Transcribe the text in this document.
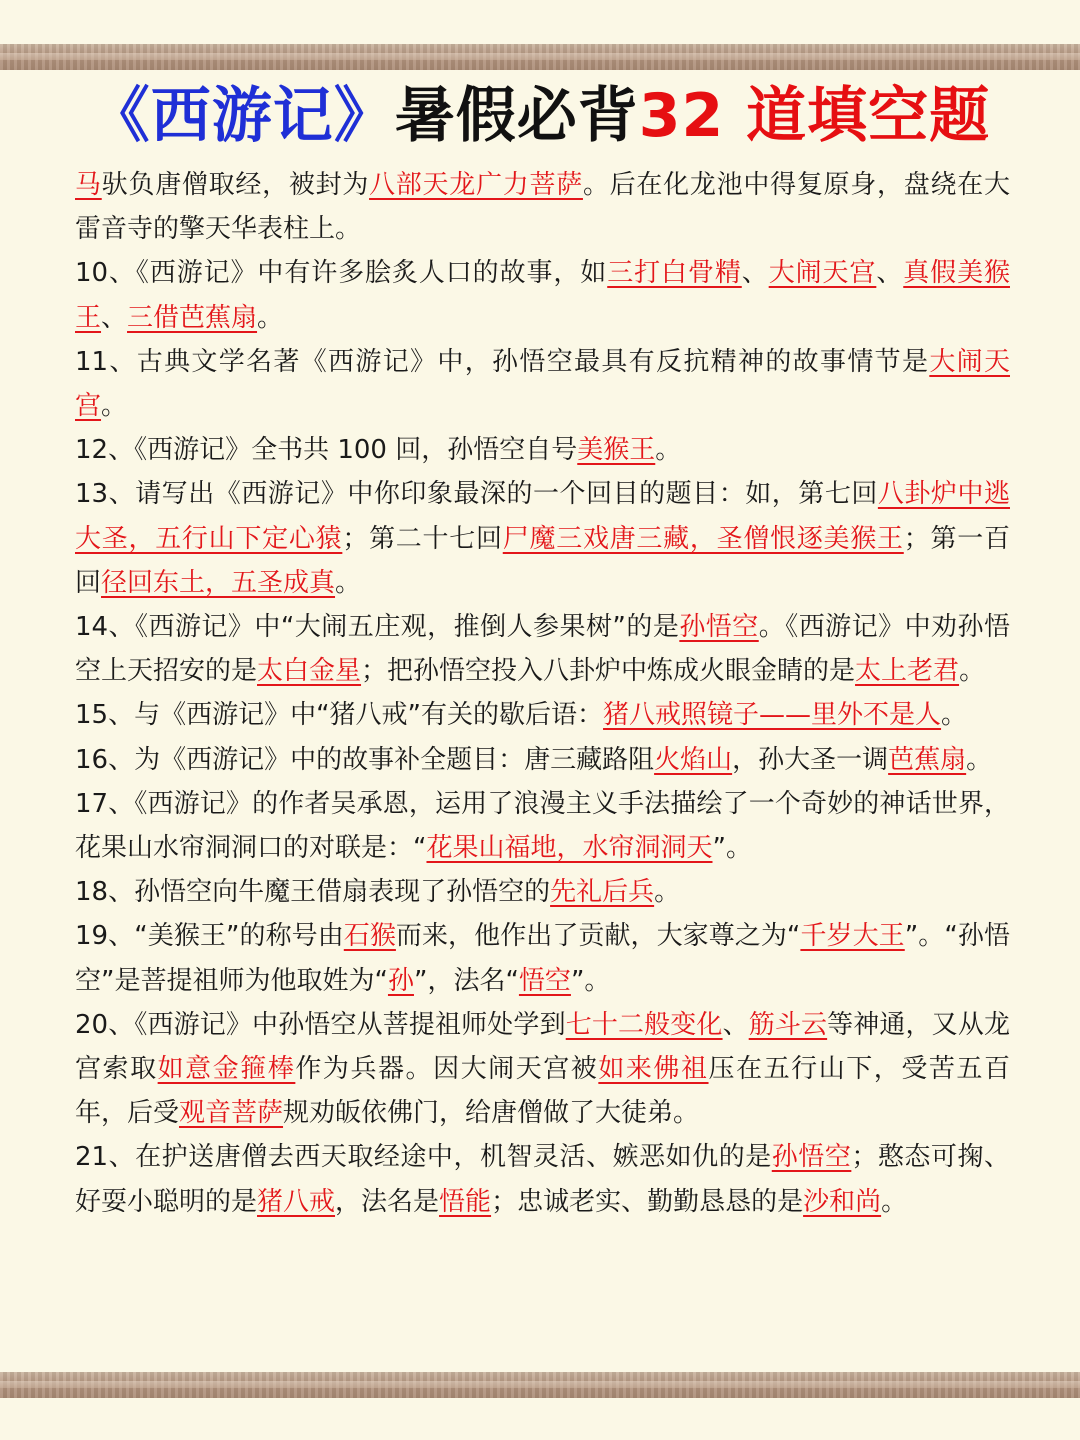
《西游记》暑假必背32 道填空题

马驮负唐僧取经，被封为八部天龙广力菩萨。后在化龙池中得复原身，盘绕在大雷音寺的擎天华表柱上。

10、《西游记》中有许多脍炙人口的故事，如三打白骨精、大闹天宫、真假美猴王、三借芭蕉扇。

11、古典文学名著《西游记》中，孙悟空最具有反抗精神的故事情节是大闹天宫。

12、《西游记》全书共 100 回，孙悟空自号美猴王。

13、请写出《西游记》中你印象最深的一个回目的题目：如，第七回八卦炉中逃大圣，五行山下定心猿；第二十七回尸魔三戏唐三藏，圣僧恨逐美猴王；第一百回径回东土，五圣成真。

14、《西游记》中“大闹五庄观，推倒人参果树”的是孙悟空。《西游记》中劝孙悟空上天招安的是太白金星；把孙悟空投入八卦炉中炼成火眼金睛的是太上老君。

15、与《西游记》中“猪八戒”有关的歇后语：猪八戒照镜子——里外不是人。

16、为《西游记》中的故事补全题目：唐三藏路阻火焰山，孙大圣一调芭蕉扇。

17、《西游记》的作者吴承恩，运用了浪漫主义手法描绘了一个奇妙的神话世界，花果山水帘洞洞口的对联是：“花果山福地，水帘洞洞天”。

18、孙悟空向牛魔王借扇表现了孙悟空的先礼后兵。

19、“美猴王”的称号由石猴而来，他作出了贡献，大家尊之为“千岁大王”。“孙悟空”是菩提祖师为他取姓为“孙”，法名“悟空”。

20、《西游记》中孙悟空从菩提祖师处学到七十二般变化、筋斗云等神通，又从龙宫索取如意金箍棒作为兵器。因大闹天宫被如来佛祖压在五行山下，受苦五百年，后受观音菩萨规劝皈依佛门，给唐僧做了大徒弟。

21、在护送唐僧去西天取经途中，机智灵活、嫉恶如仇的是孙悟空；憨态可掬、好耍小聪明的是猪八戒，法名是悟能；忠诚老实、勤勤恳恳的是沙和尚。
